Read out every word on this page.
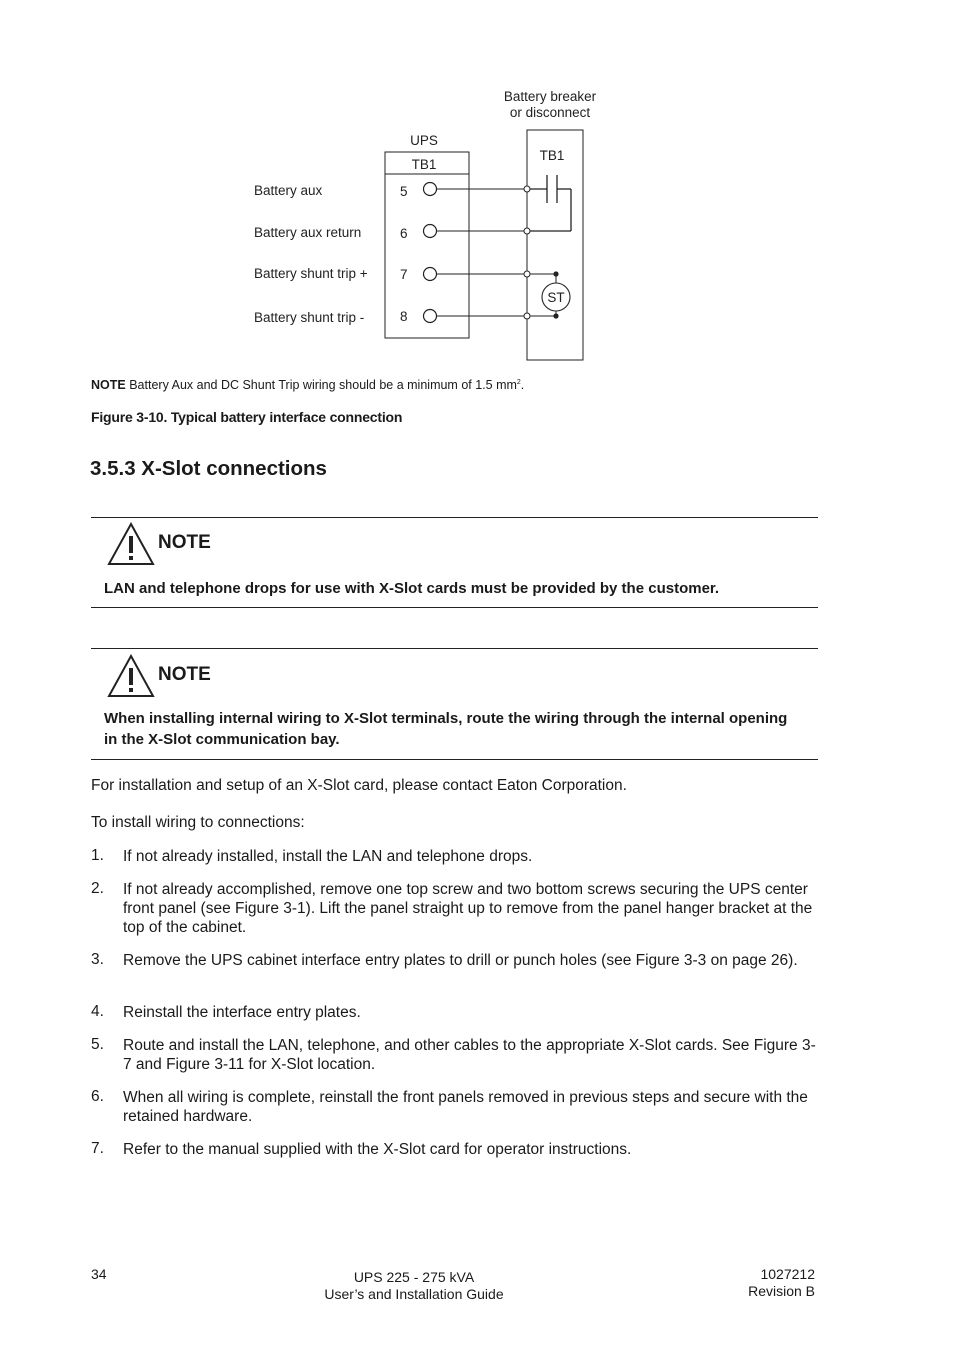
Battery breaker
or disconnect
UPS
TB1
TB1
Battery aux
Battery aux return
Battery shunt trip +
Battery shunt trip -
5
6
7
8
ST
NOTE Battery Aux and DC Shunt Trip wiring should be a minimum of 1.5 $mm^2$.
Figure 3-10. Typical battery interface connection
3.5.3 X-Slot connections
NOTE
LAN and telephone drops for use with X-Slot cards must be provided by the customer.
NOTE
When installing internal wiring to X-Slot terminals, route the wiring through the internal opening in the X-Slot communication bay.
For installation and setup of an X-Slot card, please contact Eaton Corporation.
To install wiring to connections:
1. If not already installed, install the LAN and telephone drops.
2. If not already accomplished, remove one top screw and two bottom screws securing the UPS center front panel (see Figure 3-1). Lift the panel straight up to remove from the panel hanger bracket at the top of the cabinet.
3. Remove the UPS cabinet interface entry plates to drill or punch holes (see Figure 3-3 on page 26).
4. Reinstall the interface entry plates.
5. Route and install the LAN, telephone, and other cables to the appropriate X-Slot cards. See Figure 3-7 and Figure 3-11 for X-Slot location.
6. When all wiring is complete, reinstall the front panels removed in previous steps and secure with the retained hardware.
7. Refer to the manual supplied with the X-Slot card for operator instructions.
34	UPS 225 - 275 kVA
User’s and Installation Guide
1027212
Revision B
